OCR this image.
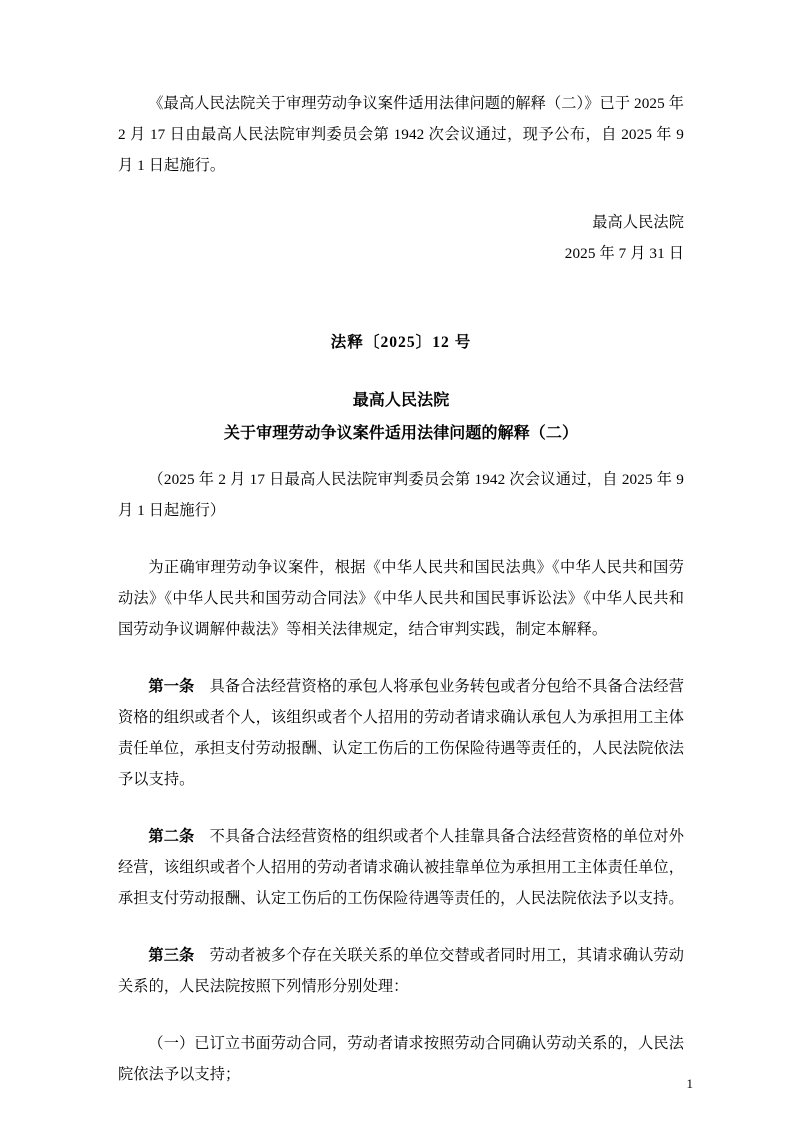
《最高人民法院关于审理劳动争议案件适用法律问题的解释（二）》已于 2025 年 2 月 17 日由最高人民法院审判委员会第 1942 次会议通过，现予公布，自 2025 年 9 月 1 日起施行。

最高人民法院

2025 年 7 月 31 日

法释〔2025〕12 号

最高人民法院

关于审理劳动争议案件适用法律问题的解释（二）

（2025 年 2 月 17 日最高人民法院审判委员会第 1942 次会议通过，自 2025 年 9 月 1 日起施行）

为正确审理劳动争议案件，根据《中华人民共和国民法典》《中华人民共和国劳动法》《中华人民共和国劳动合同法》《中华人民共和国民事诉讼法》《中华人民共和国劳动争议调解仲裁法》等相关法律规定，结合审判实践，制定本解释。

第一条　 具备合法经营资格的承包人将承包业务转包或者分包给不具备合法经营资格的组织或者个人，该组织或者个人招用的劳动者请求确认承包人为承担用工主体责任单位，承担支付劳动报酬、认定工伤后的工伤保险待遇等责任的，人民法院依法予以支持。

第二条　 不具备合法经营资格的组织或者个人挂靠具备合法经营资格的单位对外经营，该组织或者个人招用的劳动者请求确认被挂靠单位为承担用工主体责任单位，承担支付劳动报酬、认定工伤后的工伤保险待遇等责任的，人民法院依法予以支持。

第三条　 劳动者被多个存在关联关系的单位交替或者同时用工，其请求确认劳动关系的，人民法院按照下列情形分别处理：

（一）已订立书面劳动合同，劳动者请求按照劳动合同确认劳动关系的，人民法院依法予以支持；

1
